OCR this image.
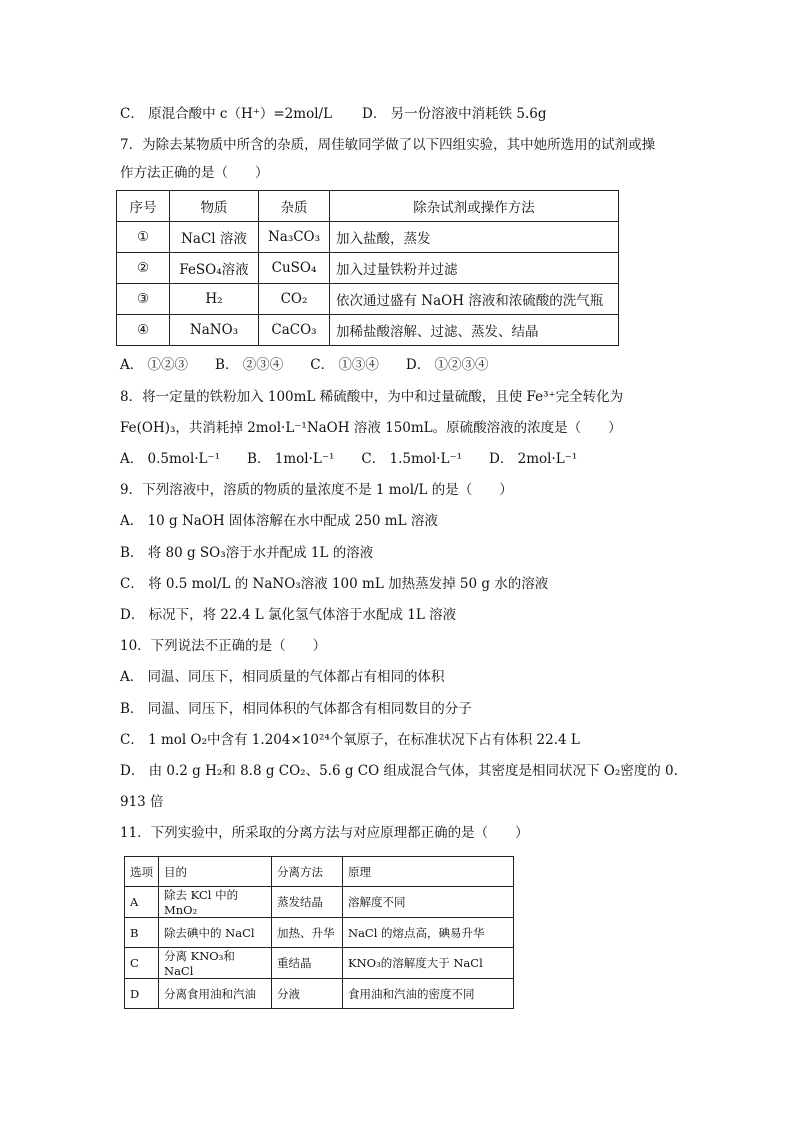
C． 原混合酸中 c（H⁺）=2mol/L D． 另一份溶液中消耗铁 5.6g
7．为除去某物质中所含的杂质，周佳敏同学做了以下四组实验，其中她所选用的试剂或操
作方法正确的是（　　）
序号	物质	杂质	除杂试剂或操作方法
①	NaCl 溶液	Na₃CO₃	加入盐酸，蒸发
②	FeSO₄溶液	CuSO₄	加入过量铁粉并过滤
③	H₂	CO₂	依次通过盛有 NaOH 溶液和浓硫酸的洗气瓶
④	NaNO₃	CaCO₃	加稀盐酸溶解、过滤、蒸发、结晶
A． ①②③　　B． ②③④　　C． ①③④　　D． ①②③④
8．将一定量的铁粉加入 100mL 稀硫酸中，为中和过量硫酸，且使 Fe³⁺完全转化为
Fe(OH)₃，共消耗掉 2mol·L⁻¹NaOH 溶液 150mL。原硫酸溶液的浓度是（　　）
A． 0.5mol·L⁻¹　　B． 1mol·L⁻¹　　C． 1.5mol·L⁻¹　　D． 2mol·L⁻¹
9．下列溶液中，溶质的物质的量浓度不是 1 mol/L 的是（　　）
A． 10 g NaOH 固体溶解在水中配成 250 mL 溶液
B． 将 80 g SO₃溶于水并配成 1L 的溶液
C． 将 0.5 mol/L 的 NaNO₃溶液 100 mL 加热蒸发掉 50 g 水的溶液
D． 标况下，将 22.4 L 氯化氢气体溶于水配成 1L 溶液
10．下列说法不正确的是（　　）
A． 同温、同压下，相同质量的气体都占有相同的体积
B． 同温、同压下，相同体积的气体都含有相同数目的分子
C． 1 mol O₂中含有 1.204×10²⁴个氧原子，在标准状况下占有体积 22.4 L
D． 由 0.2 g H₂和 8.8 g CO₂、5.6 g CO 组成混合气体，其密度是相同状况下 O₂密度的 0.
913 倍
11．下列实验中，所采取的分离方法与对应原理都正确的是（　　）
选项	目的	分离方法	原理
A	除去 KCl 中的 MnO₂	蒸发结晶	溶解度不同
B	除去碘中的 NaCl	加热、升华	NaCl 的熔点高，碘易升华
C	分离 KNO₃和 NaCl	重结晶	KNO₃的溶解度大于 NaCl
D	分离食用油和汽油	分液	食用油和汽油的密度不同
